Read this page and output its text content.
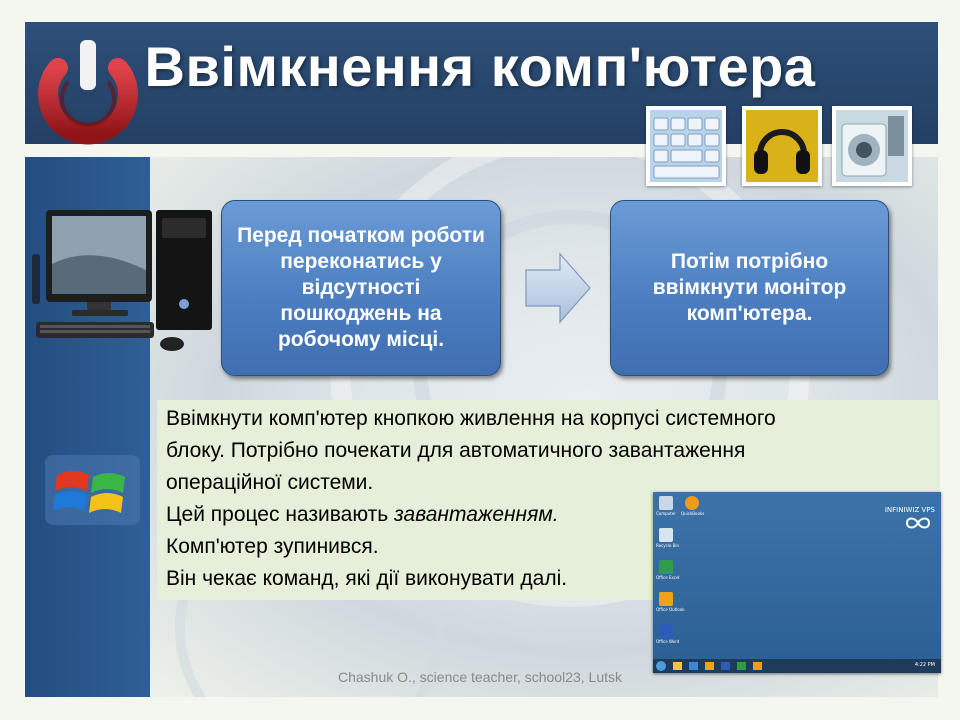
Ввімкнення комп'ютера
Перед початком роботи переконатись у відсутності пошкоджень на робочому місці.
Потім потрібно ввімкнути монітор комп'ютера.
Ввімкнути комп'ютер кнопкою живлення на корпусі системного
блоку. Потрібно почекати для автоматичного завантаження
операційної системи.
Цей процес називають завантаженням.
Комп'ютер зупинився.
Він чекає команд, які дії виконувати далі.
Computer QuickBooks
Recycle Bin
Office Excel
Office Outlook
Office Word
INFINIWIZ VPS
4:22 PM
Chashuk O., science teacher, school23, Lutsk
